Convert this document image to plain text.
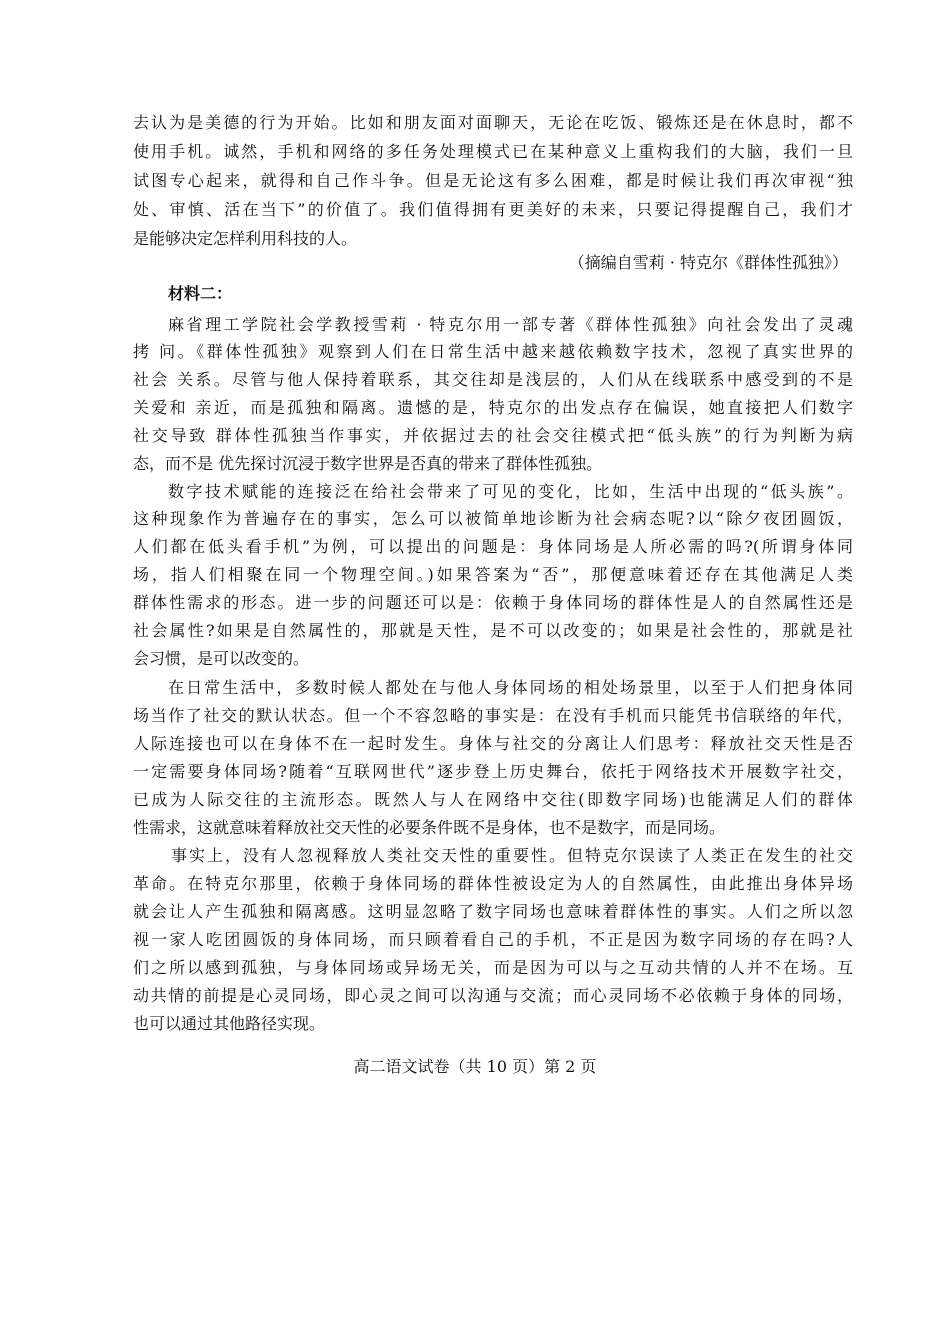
去认为是美德的行为开始。比如和朋友面对面聊天，无论在吃饭、锻炼还是在休息时，都不
使用手机。诚然，手机和网络的多任务处理模式已在某种意义上重构我们的大脑，我们一旦
试图专心起来，就得和自己作斗争。但是无论这有多么困难，都是时候让我们再次审视“独
处、审慎、活在当下”的价值了。我们值得拥有更美好的未来，只要记得提醒自己，我们才
是能够决定怎样利用科技的人。
（摘编自雪莉 · 特克尔《群体性孤独》）
材料二：
麻省理工学院社会学教授雪莉 · 特克尔用一部专著《群体性孤独》向社会发出了灵魂
拷 问。《群体性孤独》观察到人们在日常生活中越来越依赖数字技术，忽视了真实世界的
社会 关系。尽管与他人保持着联系，其交往却是浅层的，人们从在线联系中感受到的不是
关爱和 亲近，而是孤独和隔离。遗憾的是，特克尔的出发点存在偏误，她直接把人们数字
社交导致 群体性孤独当作事实，并依据过去的社会交往模式把“低头族”的行为判断为病
态，而不是 优先探讨沉浸于数字世界是否真的带来了群体性孤独。
数字技术赋能的连接泛在给社会带来了可见的变化，比如，生活中出现的“低头族”。
这种现象作为普遍存在的事实，怎么可以被简单地诊断为社会病态呢?以“除夕夜团圆饭，
人们都在低头看手机”为例，可以提出的问题是：身体同场是人所必需的吗?(所谓身体同
场，指人们相聚在同一个物理空间。)如果答案为“否”，那便意味着还存在其他满足人类
群体性需求的形态。进一步的问题还可以是：依赖于身体同场的群体性是人的自然属性还是
社会属性?如果是自然属性的，那就是天性，是不可以改变的；如果是社会性的，那就是社
会习惯，是可以改变的。
在日常生活中，多数时候人都处在与他人身体同场的相处场景里，以至于人们把身体同
场当作了社交的默认状态。但一个不容忽略的事实是：在没有手机而只能凭书信联络的年代，
人际连接也可以在身体不在一起时发生。身体与社交的分离让人们思考：释放社交天性是否
一定需要身体同场?随着“互联网世代”逐步登上历史舞台，依托于网络技术开展数字社交，
已成为人际交往的主流形态。既然人与人在网络中交往(即数字同场)也能满足人们的群体
性需求，这就意味着释放社交天性的必要条件既不是身体，也不是数字，而是同场。
事实上，没有人忽视释放人类社交天性的重要性。但特克尔误读了人类正在发生的社交
革命。在特克尔那里，依赖于身体同场的群体性被设定为人的自然属性，由此推出身体异场
就会让人产生孤独和隔离感。这明显忽略了数字同场也意味着群体性的事实。人们之所以忽
视一家人吃团圆饭的身体同场，而只顾着看自己的手机，不正是因为数字同场的存在吗?人
们之所以感到孤独，与身体同场或异场无关，而是因为可以与之互动共情的人并不在场。互
动共情的前提是心灵同场，即心灵之间可以沟通与交流；而心灵同场不必依赖于身体的同场，
也可以通过其他路径实现。
高二语文试卷（共 10 页）第 2 页
